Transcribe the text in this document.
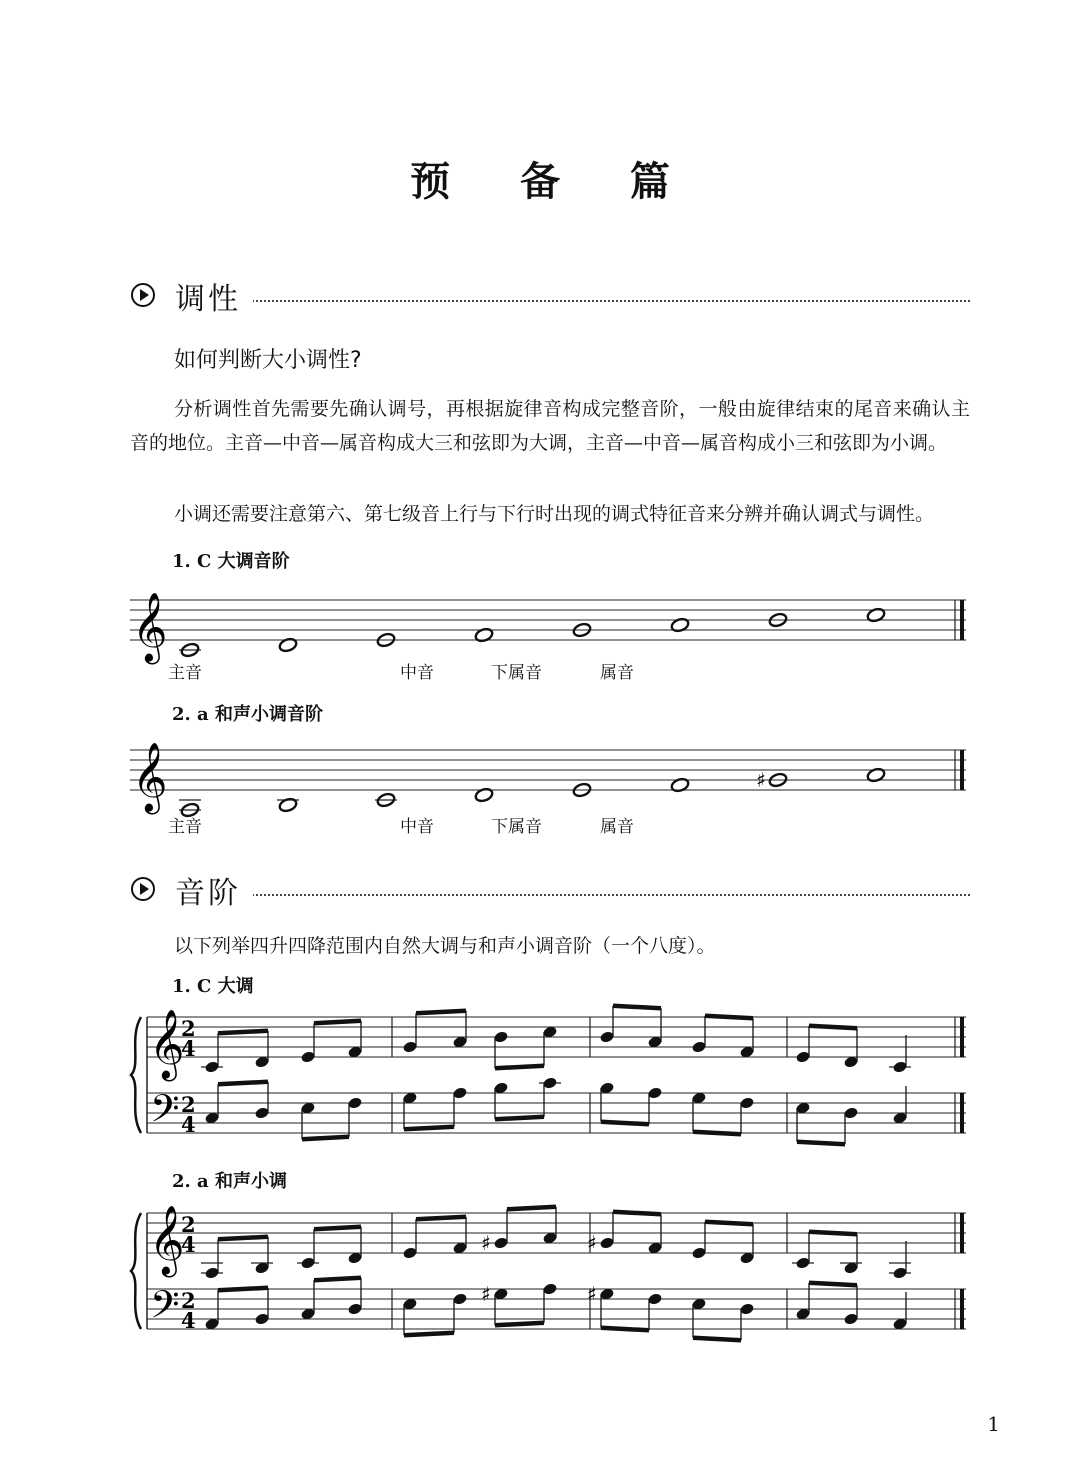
预 备 篇
调性
如何判断大小调性?
分析调性首先需要先确认调号，再根据旋律音构成完整音阶，一般由旋律结束的尾音来确认主音的地位。主音—中音—属音构成大三和弦即为大调，主音—中音—属音构成小三和弦即为小调。
小调还需要注意第六、第七级音上行与下行时出现的调式特征音来分辨并确认调式与调性。
1. C 大调音阶
𝄞
𝄞	♯
𝄞
𝄢
2
4
2
4
𝄞
𝄢
2
4
2
4
♯	♯
♯	♯
主音	中音	下属音	属音
2. a 和声小调音阶
主音	中音	下属音	属音
音阶
以下列举四升四降范围内自然大调与和声小调音阶（一个八度）。
1. C 大调
2. a 和声小调
1
